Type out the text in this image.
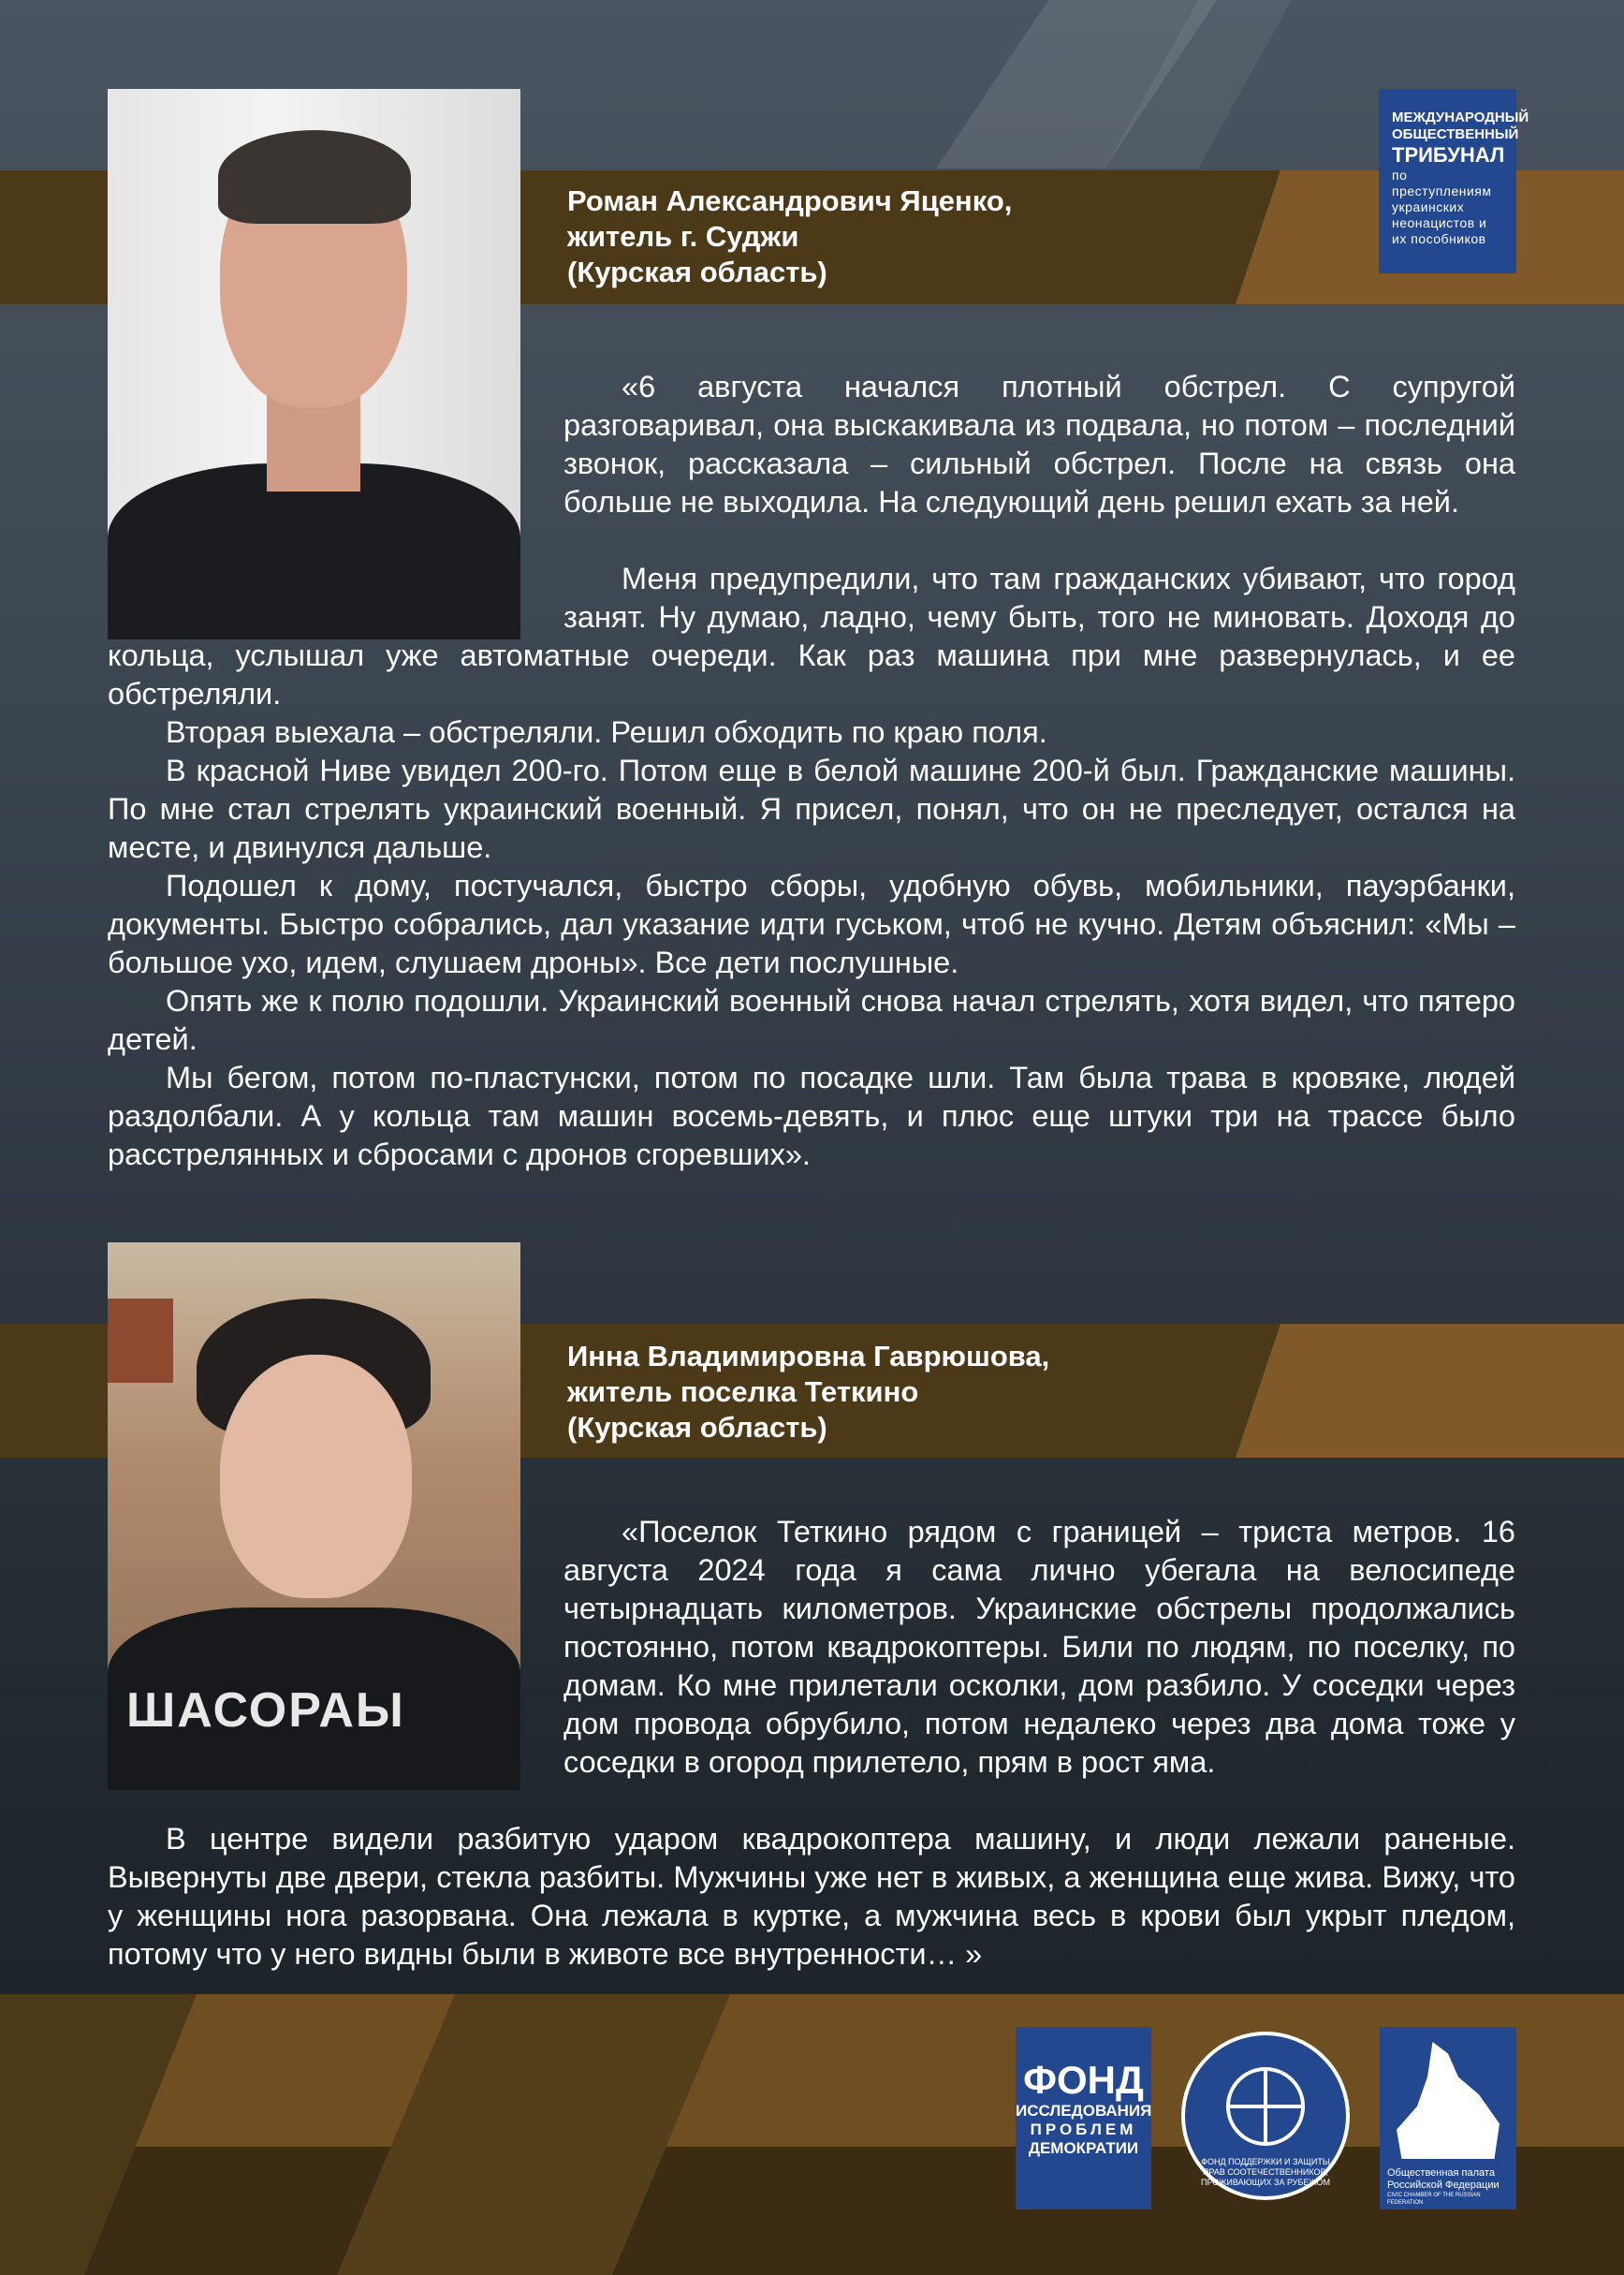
МЕЖДУНАРОДНЫЙ
ОБЩЕСТВЕННЫЙ
ТРИБУНАЛ
по преступлениям
украинских
неонацистов и
их пособников
Роман Александрович Яценко,
житель г. Суджи
(Курская область)

«6 августа начался плотный обстрел. С супругой разговаривал, она выскакивала из подвала, но потом – последний звонок, рассказала – сильный обстрел. После на связь она больше не выходила. На следующий день решил ехать за ней.

Меня предупредили, что там гражданских убивают, что город занят. Ну думаю, ладно, чему быть, того не миновать. Доходя до кольца, услышал уже автоматные очереди. Как раз машина при мне развернулась, и ее обстреляли.

Вторая выехала – обстреляли. Решил обходить по краю поля.

В красной Ниве увидел 200-го. Потом еще в белой машине 200-й был. Гражданские машины. По мне стал стрелять украинский военный. Я присел, понял, что он не преследует, остался на месте, и двинулся дальше.

Подошел к дому, постучался, быстро сборы, удобную обувь, мобильники, пауэрбанки, документы. Быстро собрались, дал указание идти гуськом, чтоб не кучно. Детям объяснил: «Мы – большое ухо, идем, слушаем дроны». Все дети послушные.

Опять же к полю подошли. Украинский военный снова начал стрелять, хотя видел, что пятеро детей.

Мы бегом, потом по-пластунски, потом по посадке шли. Там была трава в кровяке, людей раздолбали. А у кольца там машин восемь-девять, и плюс еще штуки три на трассе было расстрелянных и сбросами с дронов сгоревших».

ШАСОРАЫ
Инна Владимировна Гаврюшова,
житель поселка Теткино
(Курская область)

«Поселок Теткино рядом с границей – триста метров. 16 августа 2024 года я сама лично убегала на велосипеде четырнадцать километров. Украинские обстрелы продолжались постоянно, потом квадрокоптеры. Били по людям, по поселку, по домам. Ко мне прилетали осколки, дом разбило. У соседки через дом провода обрубило, потом недалеко через два дома тоже у соседки в огород прилетело, прям в рост яма.

В центре видели разбитую ударом квадрокоптера машину, и люди лежали раненые. Вывернуты две двери, стекла разбиты. Мужчины уже нет в живых, а женщина еще жива. Вижу, что у женщины нога разорвана. Она лежала в куртке, а мужчина весь в крови был укрыт пледом, потому что у него видны были в животе все внутренности… »

ФОНД
ИССЛЕДОВАНИЯ
ПРОБЛЕМ
ДЕМОКРАТИИ
ФОНД ПОДДЕРЖКИ И ЗАЩИТЫ ПРАВ СООТЕЧЕСТВЕННИКОВ, ПРОЖИВАЮЩИХ ЗА РУБЕЖОМ
Общественная палата
Российской Федерации
CIVIC CHAMBER OF THE RUSSIAN FEDERATION
